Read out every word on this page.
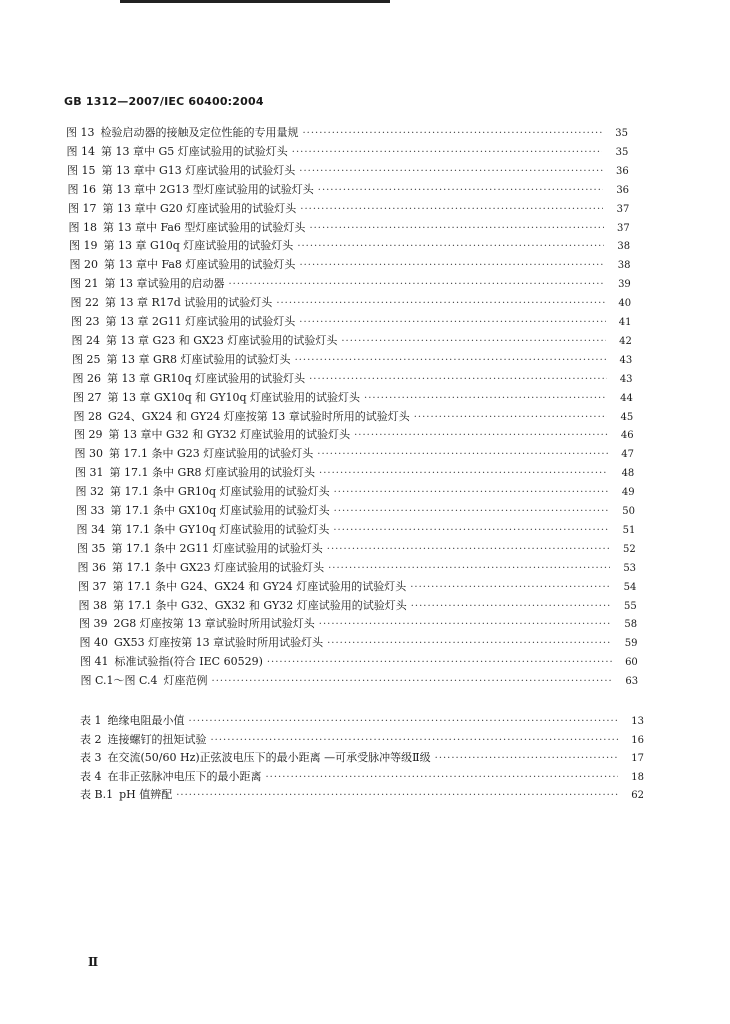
GB 1312—2007/IEC 60400:2004
图 13 检验启动器的接触及定位性能的专用量规 ·····	35
图 14 第 13 章中 G5 灯座试验用的试验灯头 ·····	35
图 15 第 13 章中 G13 灯座试验用的试验灯头 ·····	36
图 16 第 13 章中 2G13 型灯座试验用的试验灯头 ·····	36
图 17 第 13 章中 G20 灯座试验用的试验灯头 ·····	37
图 18 第 13 章中 Fa6 型灯座试验用的试验灯头 ·····	37
图 19 第 13 章 G10q 灯座试验用的试验灯头 ·····	38
图 20 第 13 章中 Fa8 灯座试验用的试验灯头 ·····	38
图 21 第 13 章试验用的启动器 ·····	39
图 22 第 13 章 R17d 试验用的试验灯头 ·····	40
图 23 第 13 章 2G11 灯座试验用的试验灯头 ·····	41
图 24 第 13 章 G23 和 GX23 灯座试验用的试验灯头 ·····	42
图 25 第 13 章 GR8 灯座试验用的试验灯头 ·····	43
图 26 第 13 章 GR10q 灯座试验用的试验灯头 ·····	43
图 27 第 13 章 GX10q 和 GY10q 灯座试验用的试验灯头 ·····	44
图 28 G24、GX24 和 GY24 灯座按第 13 章试验时所用的试验灯头 ·····	45
图 29 第 13 章中 G32 和 GY32 灯座试验用的试验灯头 ·····	46
图 30 第 17.1 条中 G23 灯座试验用的试验灯头 ·····	47
图 31 第 17.1 条中 GR8 灯座试验用的试验灯头 ·····	48
图 32 第 17.1 条中 GR10q 灯座试验用的试验灯头 ·····	49
图 33 第 17.1 条中 GX10q 灯座试验用的试验灯头 ·····	50
图 34 第 17.1 条中 GY10q 灯座试验用的试验灯头 ·····	51
图 35 第 17.1 条中 2G11 灯座试验用的试验灯头 ·····	52
图 36 第 17.1 条中 GX23 灯座试验用的试验灯头 ·····	53
图 37 第 17.1 条中 G24、GX24 和 GY24 灯座试验用的试验灯头 ·····	54
图 38 第 17.1 条中 G32、GX32 和 GY32 灯座试验用的试验灯头 ·····	55
图 39 2G8 灯座按第 13 章试验时所用试验灯头 ·····	58
图 40 GX53 灯座按第 13 章试验时所用试验灯头 ·····	59
图 41 标准试验指(符合 IEC 60529) ·····	60
图 C.1～图 C.4 灯座范例 ·····	63
表 1 绝缘电阻最小值 ·····	13
表 2 连接螺钉的扭矩试验 ·····	16
表 3 在交流(50/60 Hz)正弦波电压下的最小距离 —可承受脉冲等级Ⅱ级 ·····	17
表 4 在非正弦脉冲电压下的最小距离 ·····	18
表 B.1 pH 值辨配 ·····	62
Ⅱ
